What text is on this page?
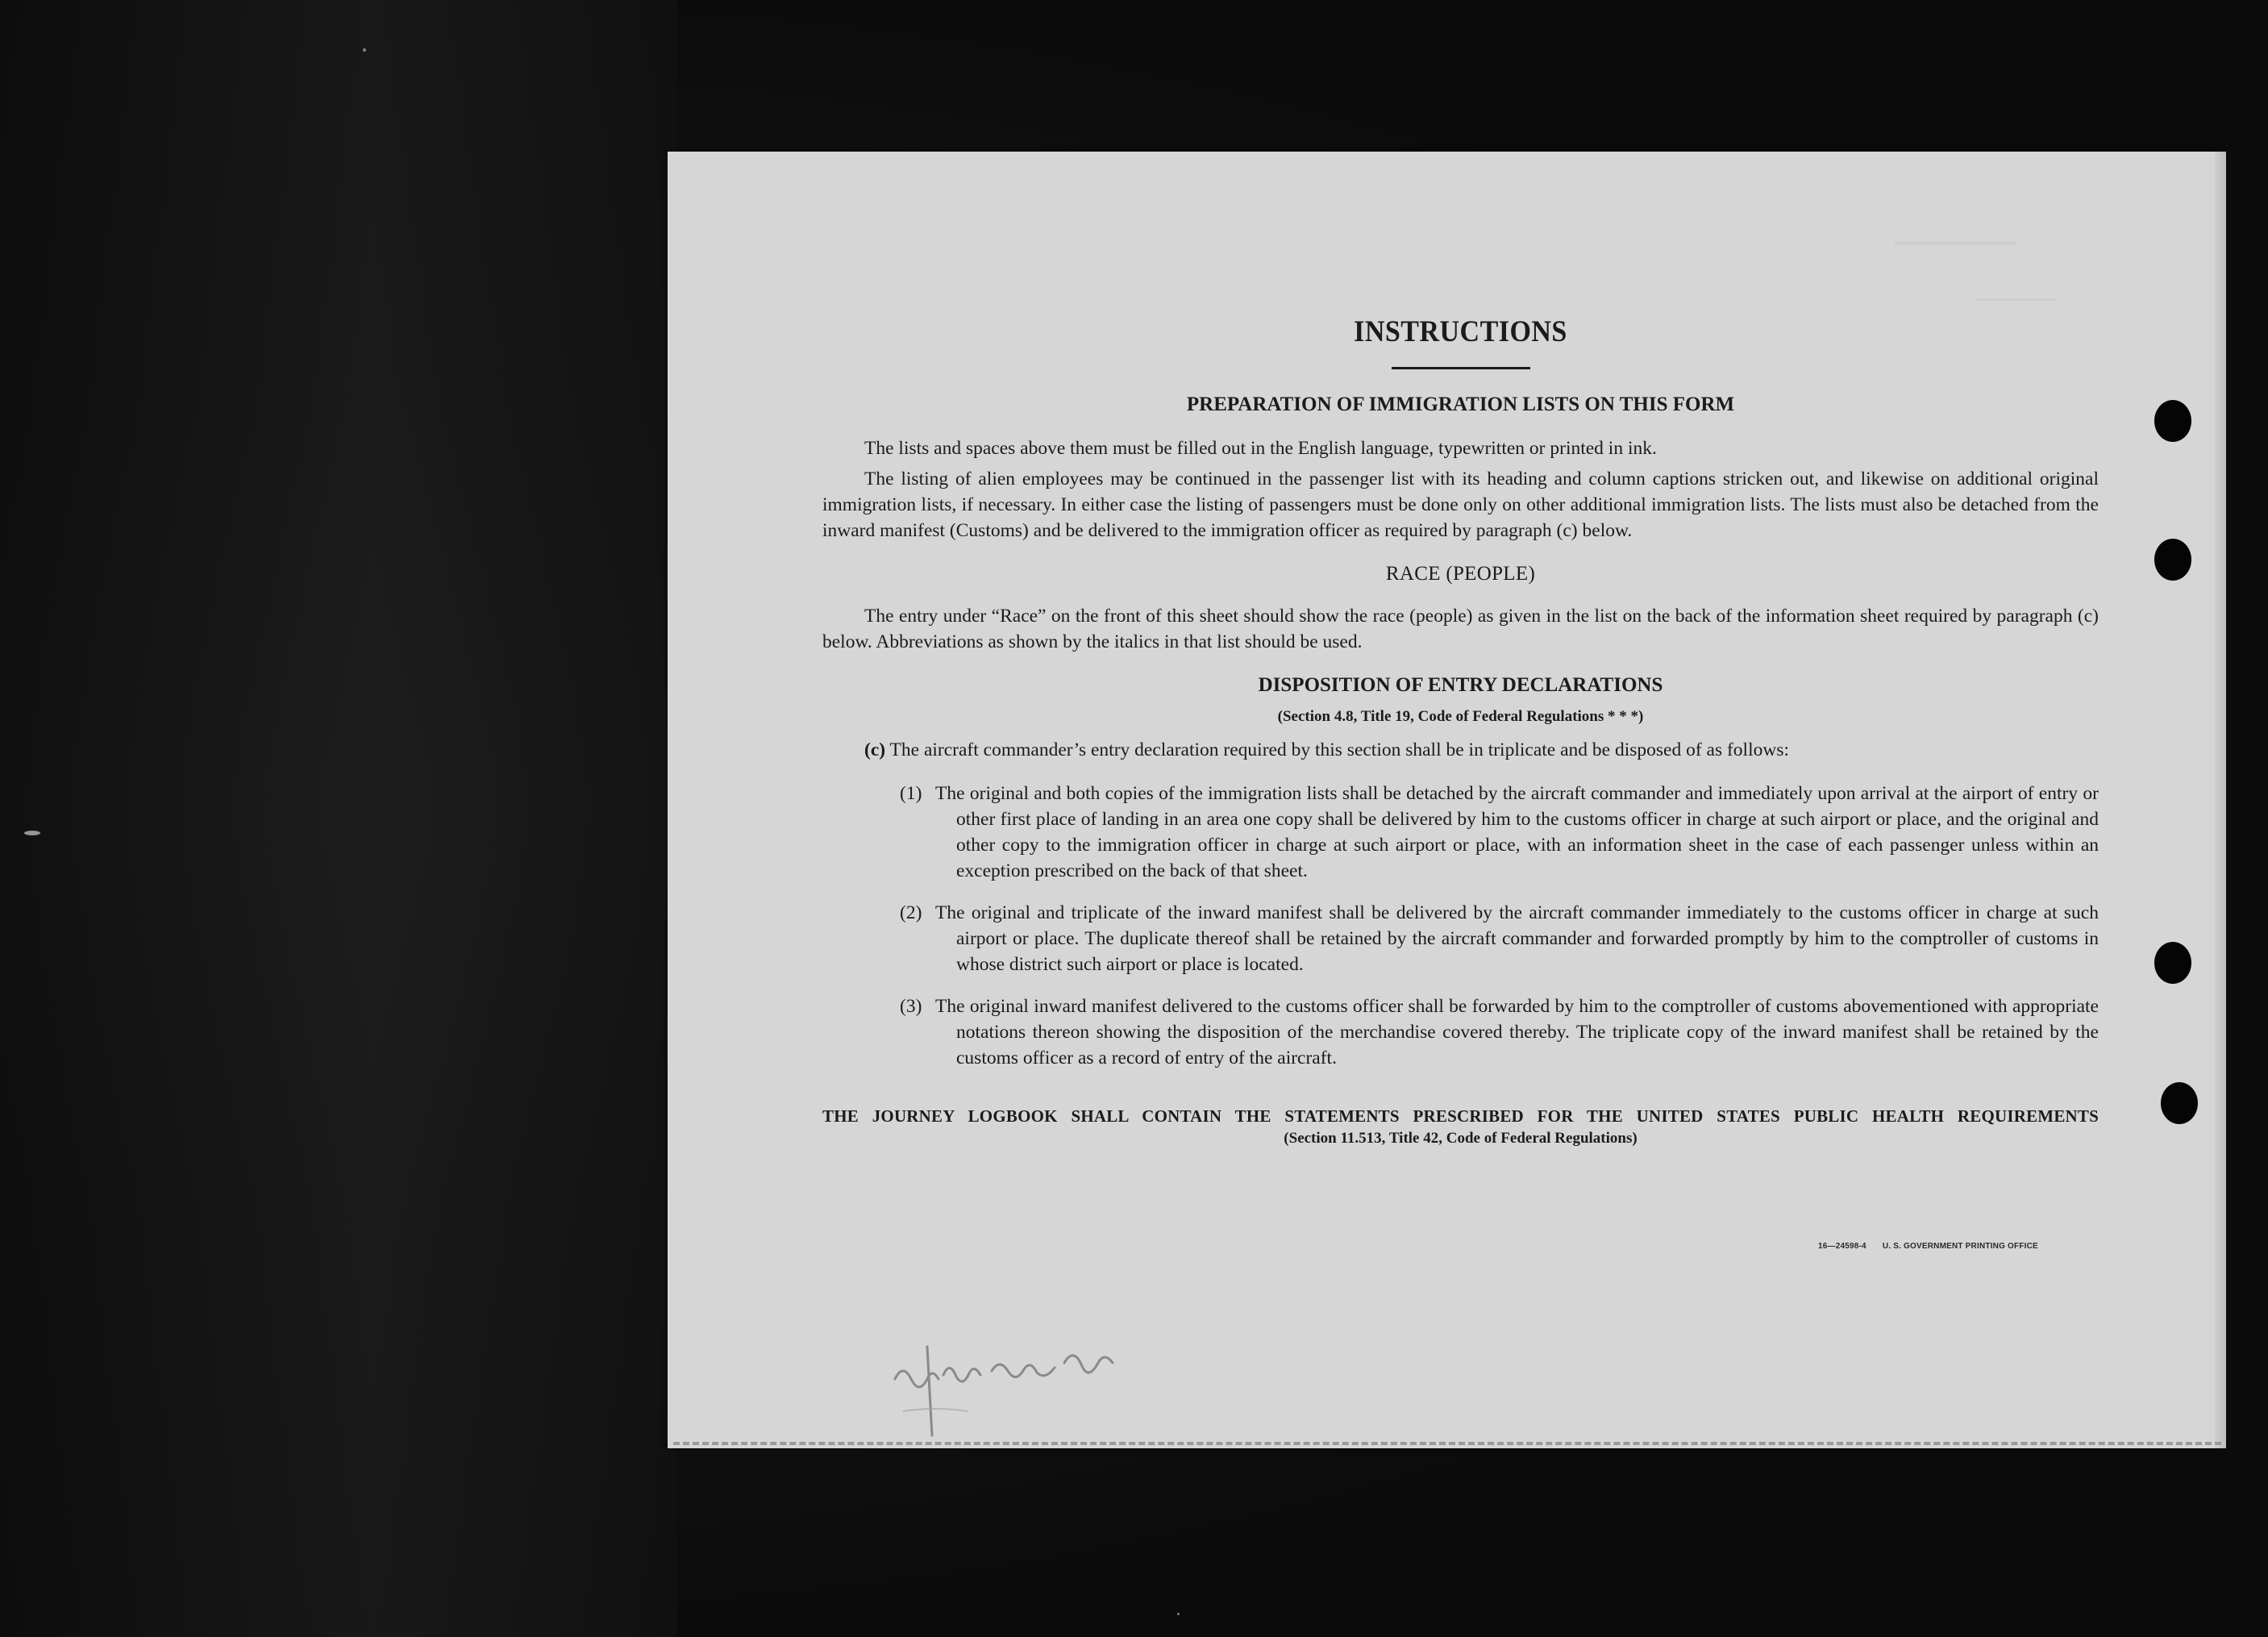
INSTRUCTIONS
PREPARATION OF IMMIGRATION LISTS ON THIS FORM

The lists and spaces above them must be filled out in the English language, typewritten or printed in ink.

The listing of alien employees may be continued in the passenger list with its heading and column captions stricken out, and likewise on additional original immigration lists, if necessary. In either case the listing of passengers must be done only on other additional immigration lists. The lists must also be detached from the inward manifest (Customs) and be delivered to the immigration officer as required by paragraph (c) below.

RACE (PEOPLE)

The entry under “Race” on the front of this sheet should show the race (people) as given in the list on the back of the information sheet required by paragraph (c) below. Abbreviations as shown by the italics in that list should be used.

DISPOSITION OF ENTRY DECLARATIONS

(Section 4.8, Title 19, Code of Federal Regulations * * *)

(c) The aircraft commander’s entry declaration required by this section shall be in triplicate and be disposed of as follows:

(1) The original and both copies of the immigration lists shall be detached by the aircraft commander and immediately upon arrival at the airport of entry or other first place of landing in an area one copy shall be delivered by him to the customs officer in charge at such airport or place, and the original and other copy to the immigration officer in charge at such airport or place, with an information sheet in the case of each passenger unless within an exception prescribed on the back of that sheet.

(2) The original and triplicate of the inward manifest shall be delivered by the aircraft commander immediately to the customs officer in charge at such airport or place. The duplicate thereof shall be retained by the aircraft commander and forwarded promptly by him to the comptroller of customs in whose district such airport or place is located.

(3) The original inward manifest delivered to the customs officer shall be forwarded by him to the comptroller of customs abovementioned with appropriate notations thereon showing the disposition of the merchandise covered thereby. The triplicate copy of the inward manifest shall be retained by the customs officer as a record of entry of the aircraft.

THE JOURNEY LOGBOOK SHALL CONTAIN THE STATEMENTS PRESCRIBED FOR THE UNITED STATES PUBLIC HEALTH REQUIREMENTS

(Section 11.513, Title 42, Code of Federal Regulations)

16—24598-4 U. S. GOVERNMENT PRINTING OFFICE
